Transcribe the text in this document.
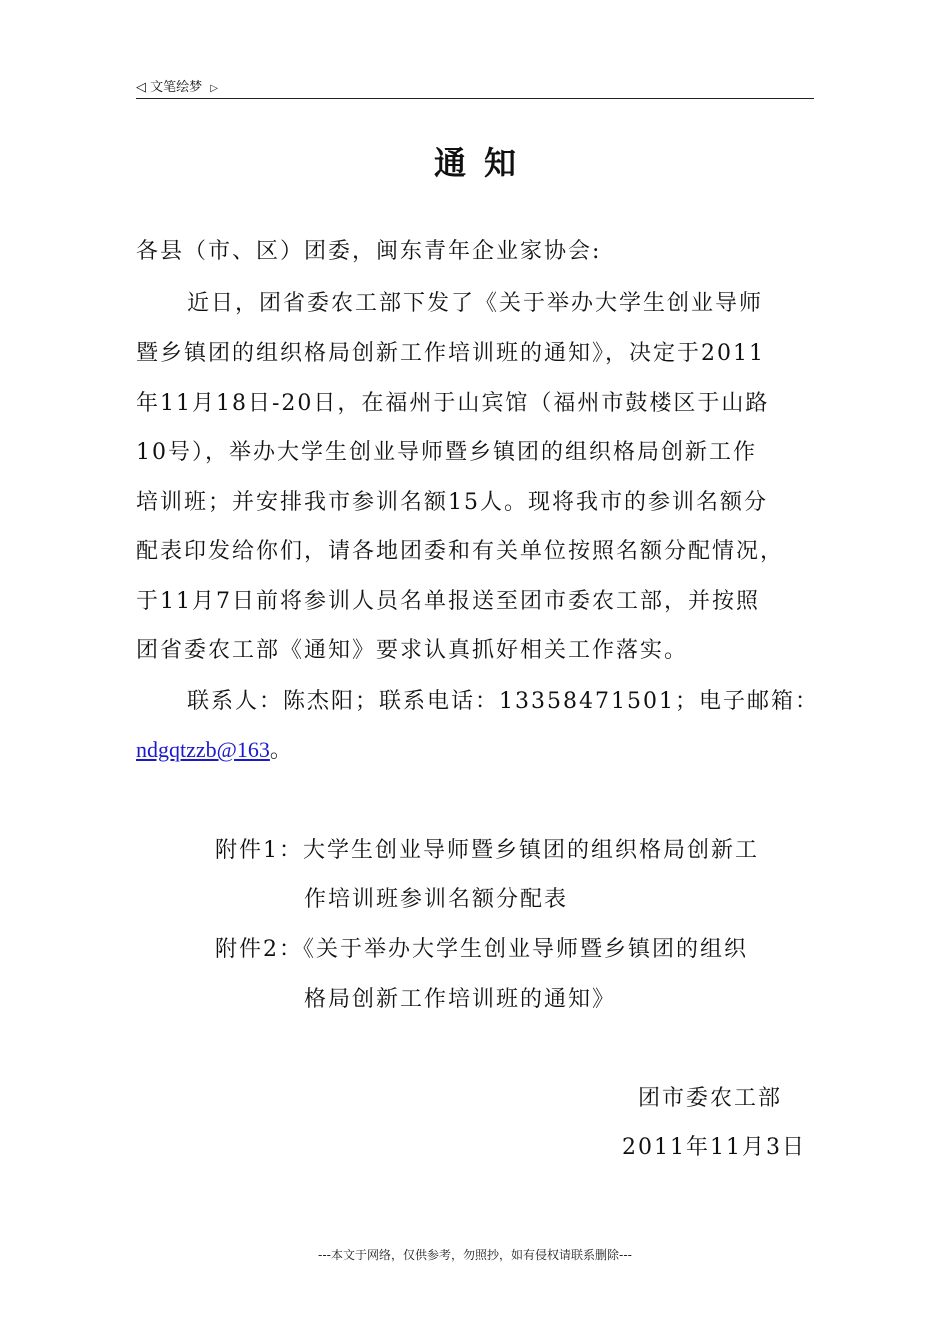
◁ 文笔绘梦 ▷
通知
各县（市、区）团委，闽东青年企业家协会:
近日，团省委农工部下发了《关于举办大学生创业导师
暨乡镇团的组织格局创新工作培训班的通知》，决定于2011
年11月18日-20日，在福州于山宾馆（福州市鼓楼区于山路
10号），举办大学生创业导师暨乡镇团的组织格局创新工作
培训班；并安排我市参训名额15人。现将我市的参训名额分
配表印发给你们，请各地团委和有关单位按照名额分配情况，
于11月7日前将参训人员名单报送至团市委农工部，并按照
团省委农工部《通知》要求认真抓好相关工作落实。
联系人：陈杰阳；联系电话：13358471501；电子邮箱：
ndgqtzzb@163。
附件1：大学生创业导师暨乡镇团的组织格局创新工
作培训班参训名额分配表
附件2：《关于举办大学生创业导师暨乡镇团的组织
格局创新工作培训班的通知》
团市委农工部
2011年11月3日
---本文于网络，仅供参考，勿照抄，如有侵权请联系删除---
